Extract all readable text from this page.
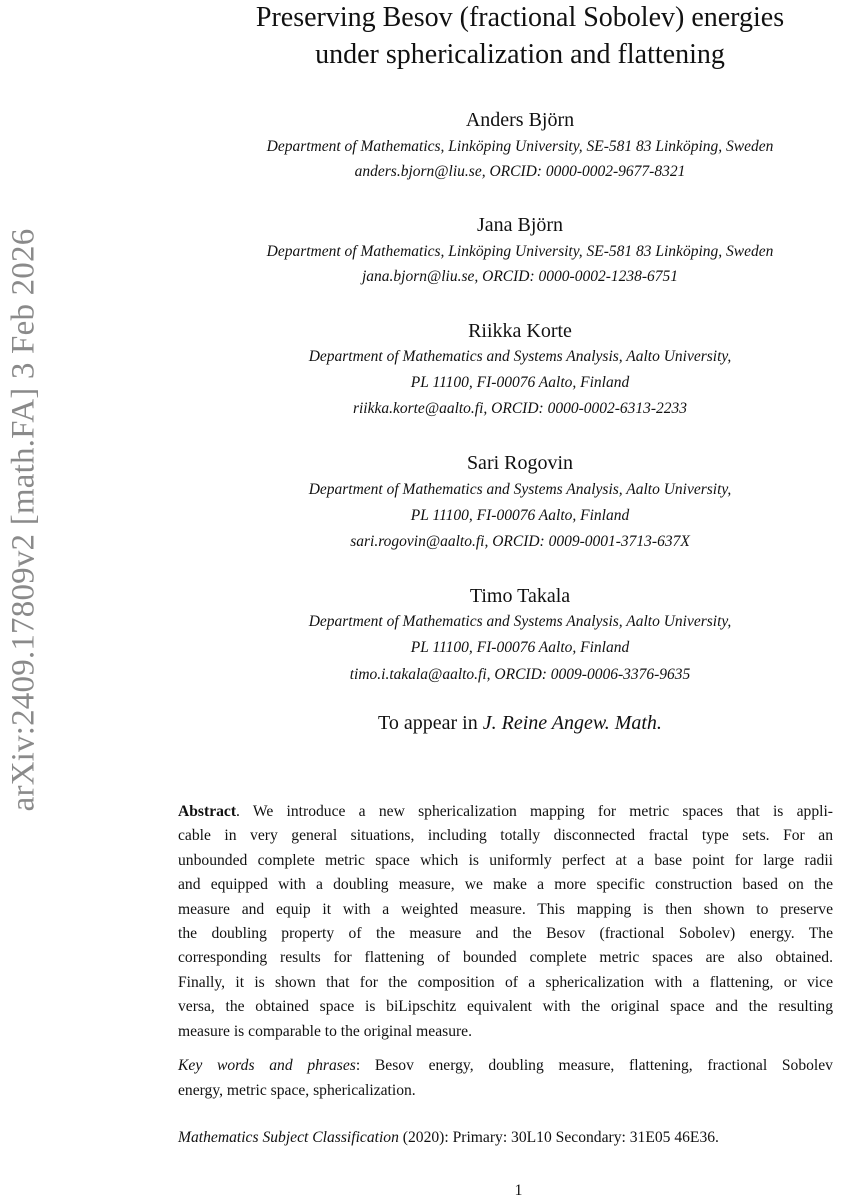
arXiv:2409.17809v2 [math.FA] 3 Feb 2026
Preserving Besov (fractional Sobolev) energies
under sphericalization and flattening
Anders Björn
Department of Mathematics, Linköping University, SE-581 83 Linköping, Sweden
anders.bjorn@liu.se, ORCID: 0000-0002-9677-8321
Jana Björn
Department of Mathematics, Linköping University, SE-581 83 Linköping, Sweden
jana.bjorn@liu.se, ORCID: 0000-0002-1238-6751
Riikka Korte
Department of Mathematics and Systems Analysis, Aalto University,
PL 11100, FI-00076 Aalto, Finland
riikka.korte@aalto.fi, ORCID: 0000-0002-6313-2233
Sari Rogovin
Department of Mathematics and Systems Analysis, Aalto University,
PL 11100, FI-00076 Aalto, Finland
sari.rogovin@aalto.fi, ORCID: 0009-0001-3713-637X
Timo Takala
Department of Mathematics and Systems Analysis, Aalto University,
PL 11100, FI-00076 Aalto, Finland
timo.i.takala@aalto.fi, ORCID: 0009-0006-3376-9635
To appear in J. Reine Angew. Math.
Abstract. We introduce a new sphericalization mapping for metric spaces that is appli-
cable in very general situations, including totally disconnected fractal type sets. For an
unbounded complete metric space which is uniformly perfect at a base point for large radii
and equipped with a doubling measure, we make a more specific construction based on the
measure and equip it with a weighted measure. This mapping is then shown to preserve
the doubling property of the measure and the Besov (fractional Sobolev) energy. The
corresponding results for flattening of bounded complete metric spaces are also obtained.
Finally, it is shown that for the composition of a sphericalization with a flattening, or vice
versa, the obtained space is biLipschitz equivalent with the original space and the resulting
measure is comparable to the original measure.
Key words and phrases: Besov energy, doubling measure, flattening, fractional Sobolev
energy, metric space, sphericalization.
Mathematics Subject Classification (2020): Primary: 30L10 Secondary: 31E05 46E36.
1
